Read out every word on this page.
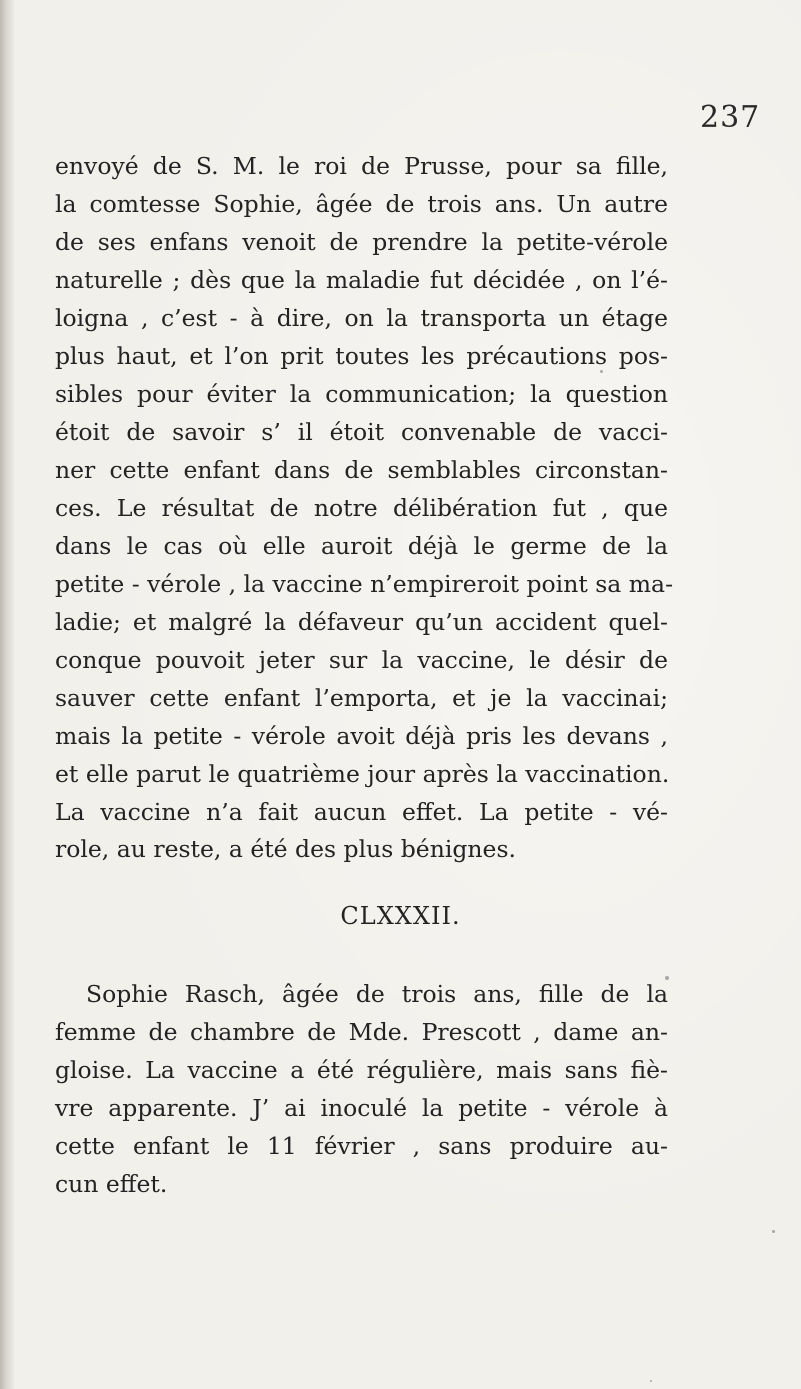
237
envoyé de S. M. le roi de Prusse, pour sa fille,
la comtesse Sophie, âgée de trois ans. Un autre
de ses enfans venoit de prendre la petite-vérole
naturelle ; dès que la maladie fut décidée , on l’é-
loigna , c’est - à dire, on la transporta un étage
plus haut, et l’on prit toutes les précautions pos-
sibles pour éviter la communication; la question
étoit de savoir s’ il étoit convenable de vacci-
ner cette enfant dans de semblables circonstan-
ces. Le résultat de notre délibération fut , que
dans le cas où elle auroit déjà le germe de la
petite - vérole , la vaccine n’empireroit point sa ma-
ladie; et malgré la défaveur qu’un accident quel-
conque pouvoit jeter sur la vaccine, le désir de
sauver cette enfant l’emporta, et je la vaccinai;
mais la petite - vérole avoit déjà pris les devans ,
et elle parut le quatrième jour après la vaccination.
La vaccine n’a fait aucun effet. La petite - vé-
role, au reste, a été des plus bénignes.
CLXXXII.
Sophie Rasch, âgée de trois ans, fille de la
femme de chambre de Mde. Prescott , dame an-
gloise. La vaccine a été régulière, mais sans fiè-
vre apparente. J’ ai inoculé la petite - vérole à
cette enfant le 11 février , sans produire au-
cun effet.
